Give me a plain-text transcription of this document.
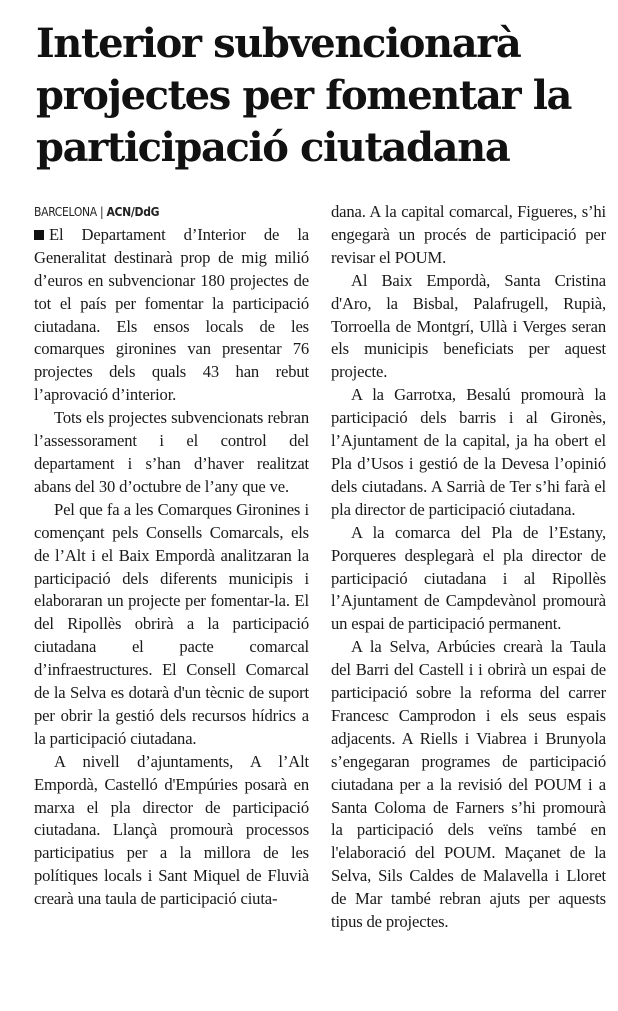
Interior subvencionarà
projectes per fomentar la
participació ciutadana
BARCELONA | ACN/DdG

El Departament d’Interior de la Generalitat destinarà prop de mig milió d’euros en subvencionar 180 projectes de tot el país per fomentar la participació ciutadana. Els ensos locals de les comarques gironines van presentar 76 projectes dels quals 43 han rebut l’aprovació d’interior.

Tots els projectes subvencionats rebran l’assessorament i el control del departament i s’han d’haver realitzat abans del 30 d’octubre de l’any que ve.

Pel que fa a les Comarques Gironines i començant pels Consells Comarcals, els de l’Alt i el Baix Empordà analitzaran la participació dels diferents municipis i elaboraran un projecte per fomentar-la. El del Ripollès obrirà a la participació ciutadana el pacte comarcal d’infraestructures. El Consell Comarcal de la Selva es dotarà d'un tècnic de suport per obrir la gestió dels recursos hídrics a la participació ciutadana.

A nivell d’ajuntaments, A l’Alt Empordà, Castelló d'Empúries posarà en marxa el pla director de participació ciutadana. Llançà promourà processos participatius per a la millora de les polítiques locals i Sant Miquel de Fluvià crearà una taula de participació ciuta-

dana. A la capital comarcal, Figueres, s’hi engegarà un procés de participació per revisar el POUM.

Al Baix Empordà, Santa Cristina d'Aro, la Bisbal, Palafrugell, Rupià, Torroella de Montgrí, Ullà i Verges seran els municipis beneficiats per aquest projecte.

A la Garrotxa, Besalú promourà la participació dels barris i al Gironès, l’Ajuntament de la capital, ja ha obert el Pla d’Usos i gestió de la Devesa l’opinió dels ciutadans. A Sarrià de Ter s’hi farà el pla director de participació ciutadana.

A la comarca del Pla de l’Estany, Porqueres desplegarà el pla director de participació ciutadana i al Ripollès l’Ajuntament de Campdevànol promourà un espai de participació permanent.

A la Selva, Arbúcies crearà la Taula del Barri del Castell i i obrirà un espai de participació sobre la reforma del carrer Francesc Camprodon i els seus espais adjacents. A Riells i Viabrea i Brunyola s’engegaran programes de participació ciutadana per a la revisió del POUM i a Santa Coloma de Farners s’hi promourà la participació dels veïns també en l'elaboració del POUM. Maçanet de la Selva, Sils Caldes de Malavella i Lloret de Mar també rebran ajuts per aquests tipus de projectes.
